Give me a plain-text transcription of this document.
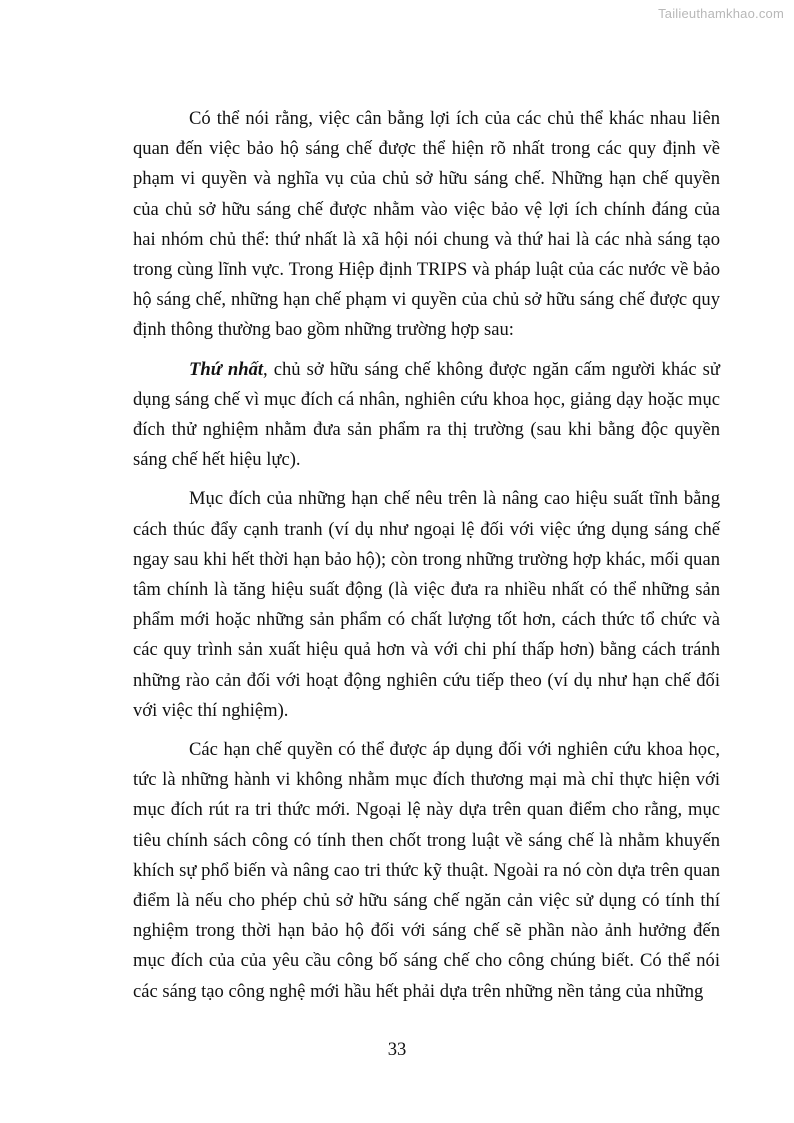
Tailieuthamkhao.com

Có thể nói rằng, việc cân bằng lợi ích của các chủ thể khác nhau liên quan đến việc bảo hộ sáng chế được thể hiện rõ nhất trong các quy định về phạm vi quyền và nghĩa vụ của chủ sở hữu sáng chế. Những hạn chế quyền của chủ sở hữu sáng chế được nhằm vào việc bảo vệ lợi ích chính đáng của hai nhóm chủ thể: thứ nhất là xã hội nói chung và thứ hai là các nhà sáng tạo trong cùng lĩnh vực. Trong Hiệp định TRIPS và pháp luật của các nước về bảo hộ sáng chế, những hạn chế phạm vi quyền của chủ sở hữu sáng chế được quy định thông thường bao gồm những trường hợp sau:

Thứ nhất, chủ sở hữu sáng chế không được ngăn cấm người khác sử dụng sáng chế vì mục đích cá nhân, nghiên cứu khoa học, giảng dạy hoặc mục đích thử nghiệm nhằm đưa sản phẩm ra thị trường (sau khi bằng độc quyền sáng chế hết hiệu lực).

Mục đích của những hạn chế nêu trên là nâng cao hiệu suất tĩnh bằng cách thúc đẩy cạnh tranh (ví dụ như ngoại lệ đối với việc ứng dụng sáng chế ngay sau khi hết thời hạn bảo hộ); còn trong những trường hợp khác, mối quan tâm chính là tăng hiệu suất động (là việc đưa ra nhiều nhất có thể những sản phẩm mới hoặc những sản phẩm có chất lượng tốt hơn, cách thức tổ chức và các quy trình sản xuất hiệu quả hơn và với chi phí thấp hơn) bằng cách tránh những rào cản đối với hoạt động nghiên cứu tiếp theo (ví dụ như hạn chế đối với việc thí nghiệm).

Các hạn chế quyền có thể được áp dụng đối với nghiên cứu khoa học, tức là những hành vi không nhằm mục đích thương mại mà chỉ thực hiện với mục đích rút ra tri thức mới. Ngoại lệ này dựa trên quan điểm cho rằng, mục tiêu chính sách công có tính then chốt trong luật về sáng chế là nhằm khuyến khích sự phổ biến và nâng cao tri thức kỹ thuật. Ngoài ra nó còn dựa trên quan điểm là nếu cho phép chủ sở hữu sáng chế ngăn cản việc sử dụng có tính thí nghiệm trong thời hạn bảo hộ đối với sáng chế sẽ phần nào ảnh hưởng đến mục đích của của yêu cầu công bố sáng chế cho công chúng biết. Có thể nói các sáng tạo công nghệ mới hầu hết phải dựa trên những nền tảng của những

33
